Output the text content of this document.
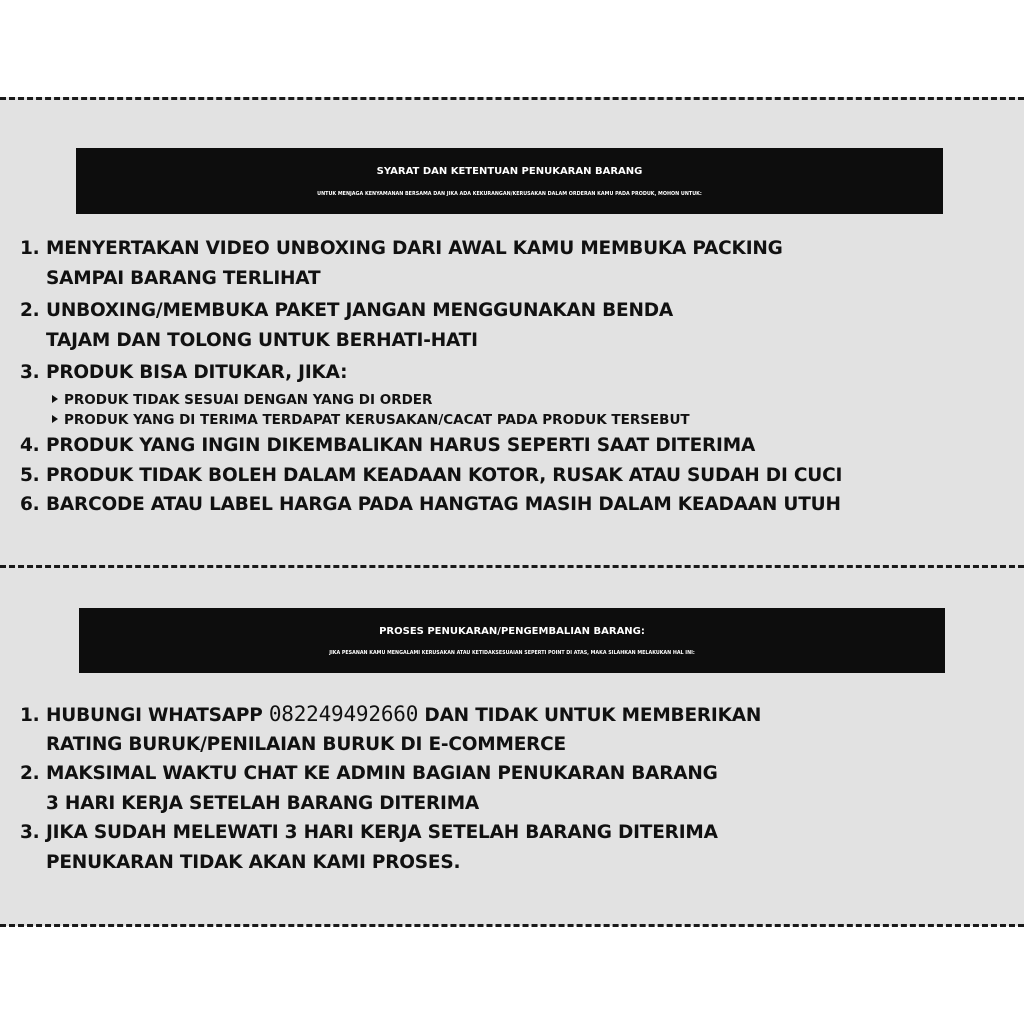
SYARAT DAN KETENTUAN PENUKARAN BARANG
UNTUK MENJAGA KENYAMANAN BERSAMA DAN JIKA ADA KEKURANGAN/KERUSAKAN DALAM ORDERAN KAMU PADA PRODUK, MOHON UNTUK:
1. MENYERTAKAN VIDEO UNBOXING DARI AWAL KAMU MEMBUKA PACKING
SAMPAI BARANG TERLIHAT
2. UNBOXING/MEMBUKA PAKET JANGAN MENGGUNAKAN BENDA
TAJAM DAN TOLONG UNTUK BERHATI-HATI
3. PRODUK BISA DITUKAR, JIKA:
PRODUK TIDAK SESUAI DENGAN YANG DI ORDER
PRODUK YANG DI TERIMA TERDAPAT KERUSAKAN/CACAT PADA PRODUK TERSEBUT
4. PRODUK YANG INGIN DIKEMBALIKAN HARUS SEPERTI SAAT DITERIMA
5. PRODUK TIDAK BOLEH DALAM KEADAAN KOTOR, RUSAK ATAU SUDAH DI CUCI
6. BARCODE ATAU LABEL HARGA PADA HANGTAG MASIH DALAM KEADAAN UTUH
PROSES PENUKARAN/PENGEMBALIAN BARANG:
JIKA PESANAN KAMU MENGALAMI KERUSAKAN ATAU KETIDAKSESUAIAN SEPERTI POINT DI ATAS, MAKA SILAHKAN MELAKUKAN HAL INI:
1. HUBUNGI WHATSAPP 082249492660 DAN TIDAK UNTUK MEMBERIKAN
RATING BURUK/PENILAIAN BURUK DI E-COMMERCE
2. MAKSIMAL WAKTU CHAT KE ADMIN BAGIAN PENUKARAN BARANG
3 HARI KERJA SETELAH BARANG DITERIMA
3. JIKA SUDAH MELEWATI 3 HARI KERJA SETELAH BARANG DITERIMA
PENUKARAN TIDAK AKAN KAMI PROSES.
